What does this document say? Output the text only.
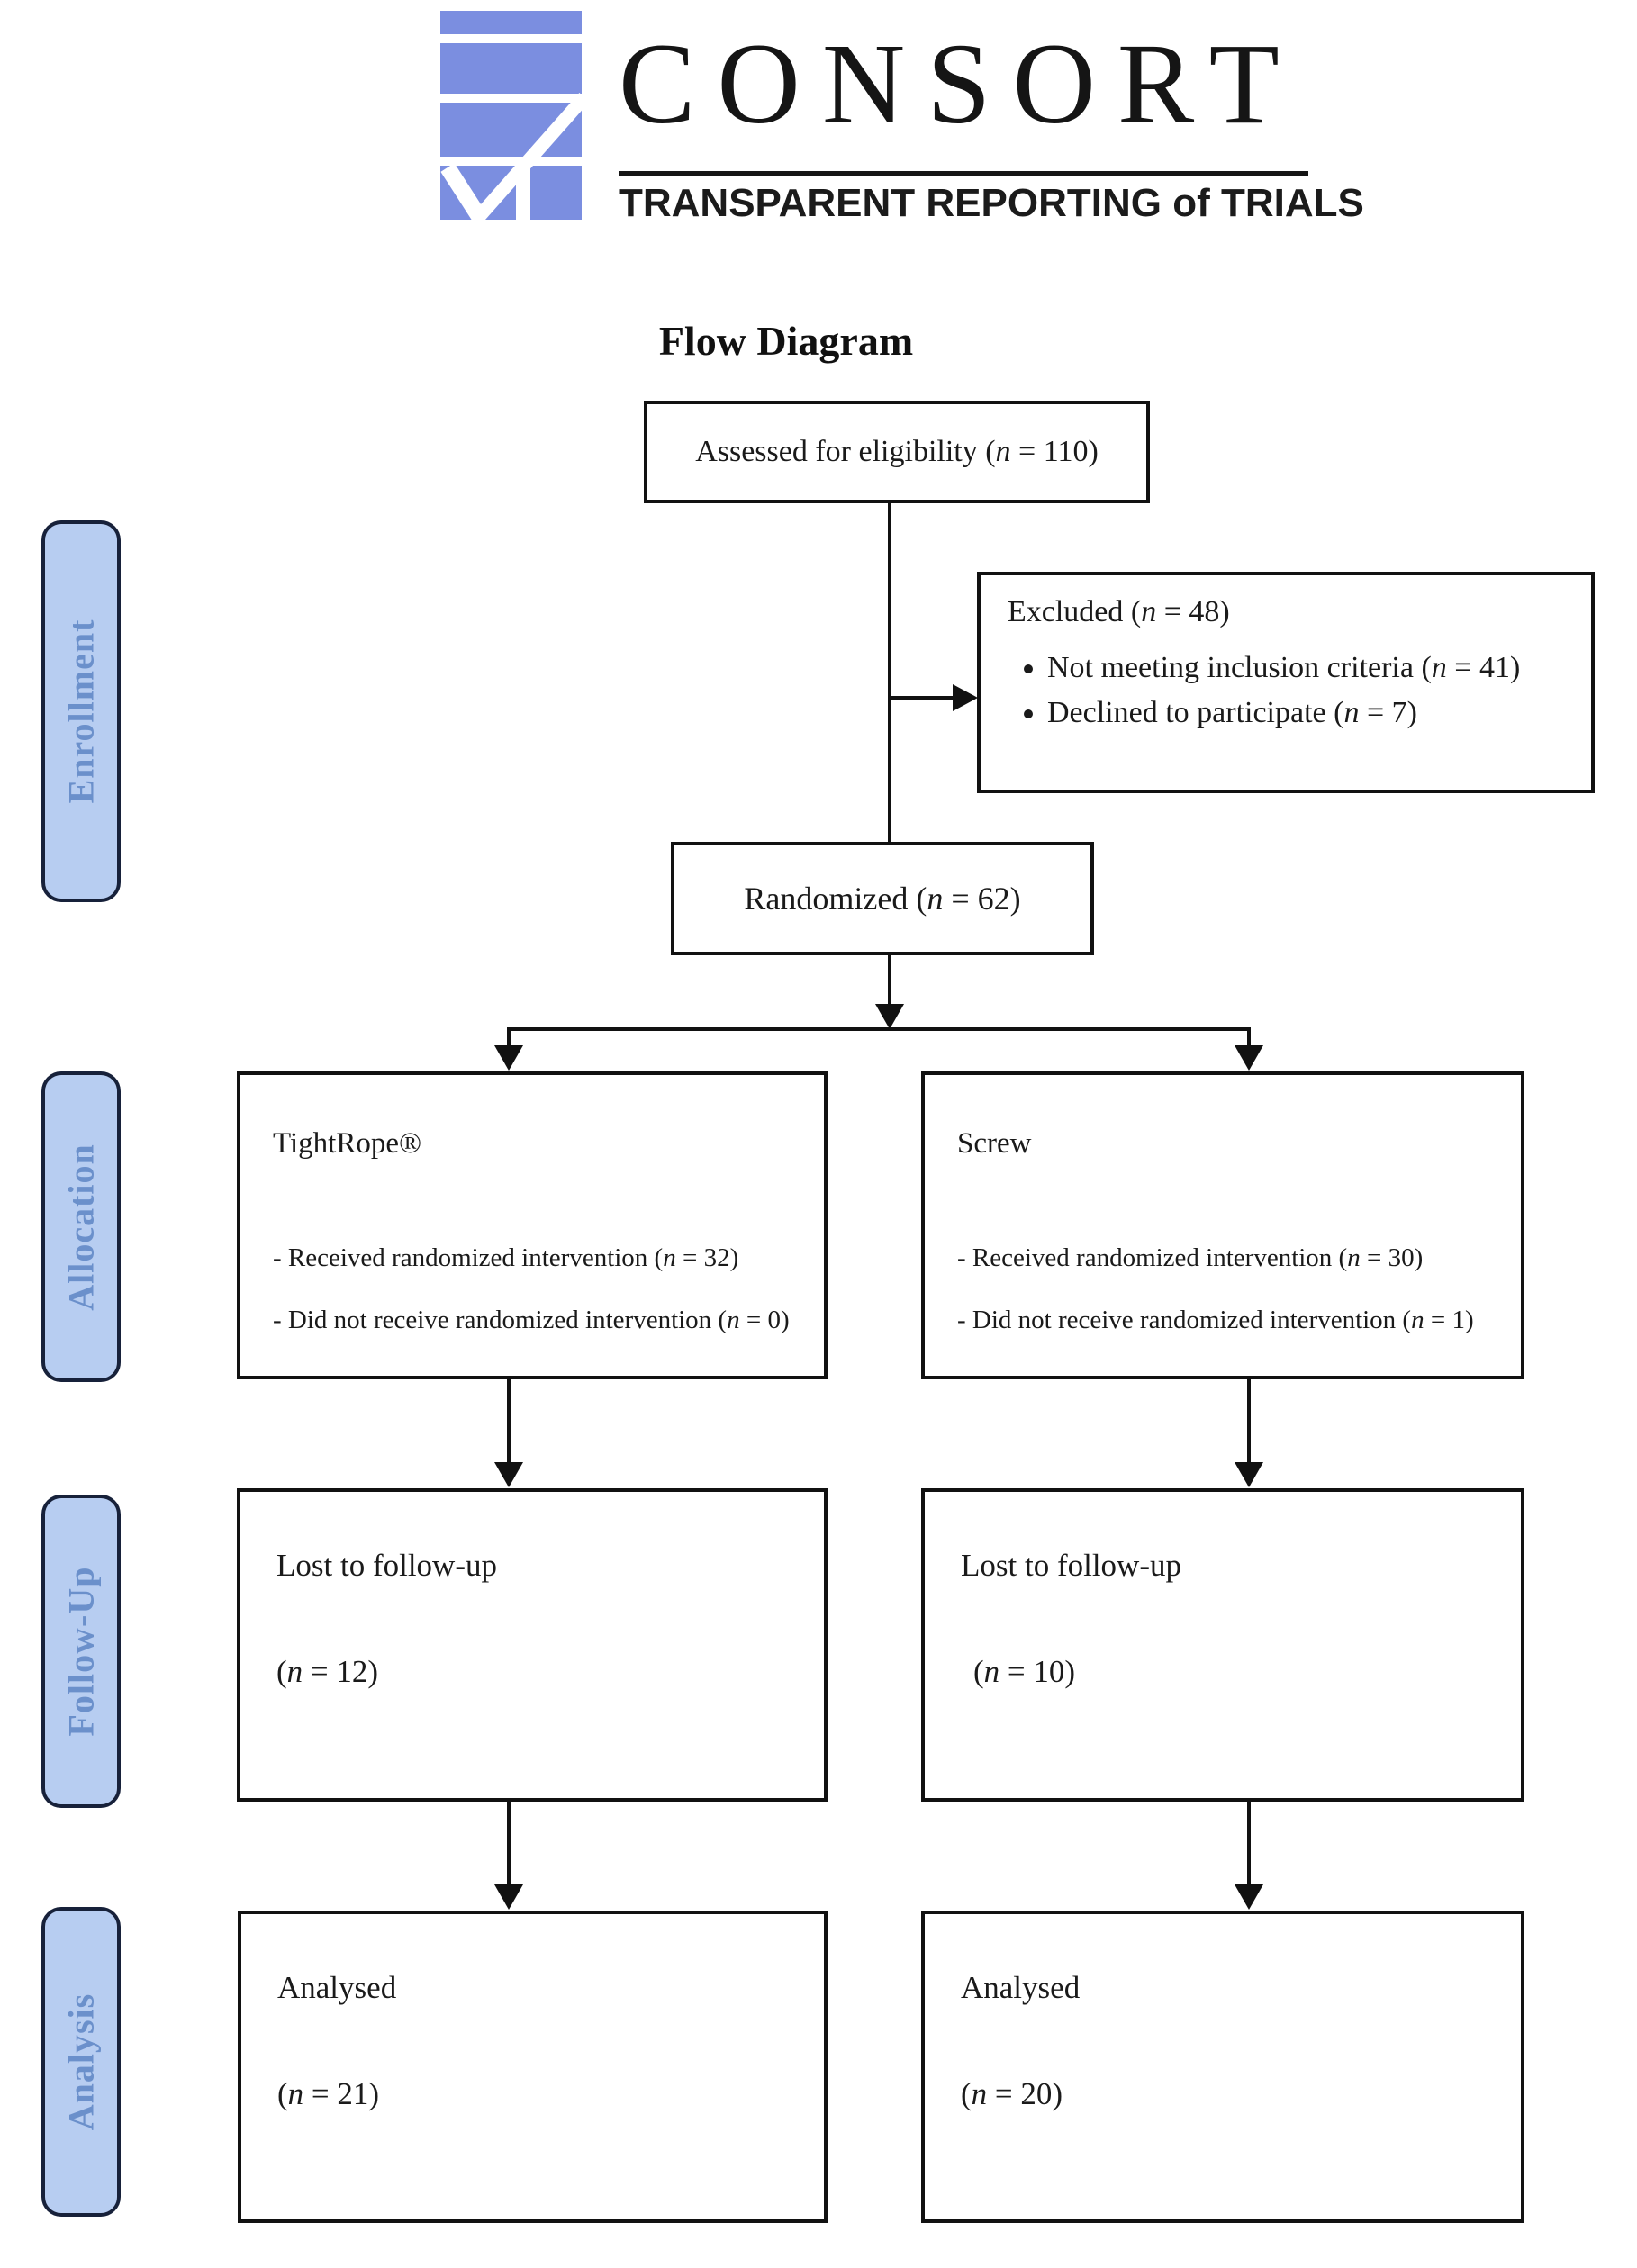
CONSORT
TRANSPARENT REPORTING of TRIALS
Flow Diagram
Enrollment
Allocation
Follow-Up
Analysis
Assessed for eligibility (n = 110)
Excluded (n = 48)
• Not meeting inclusion criteria (n = 41)
• Declined to participate (n = 7)
Randomized (n = 62)
TightRope®
- Received randomized intervention (n = 32)
- Did not receive randomized intervention (n = 0)
Screw
- Received randomized intervention (n = 30)
- Did not receive randomized intervention (n = 1)
Lost to follow-up
(n = 12)
Lost to follow-up
(n = 10)
Analysed
(n = 21)
Analysed
(n = 20)
